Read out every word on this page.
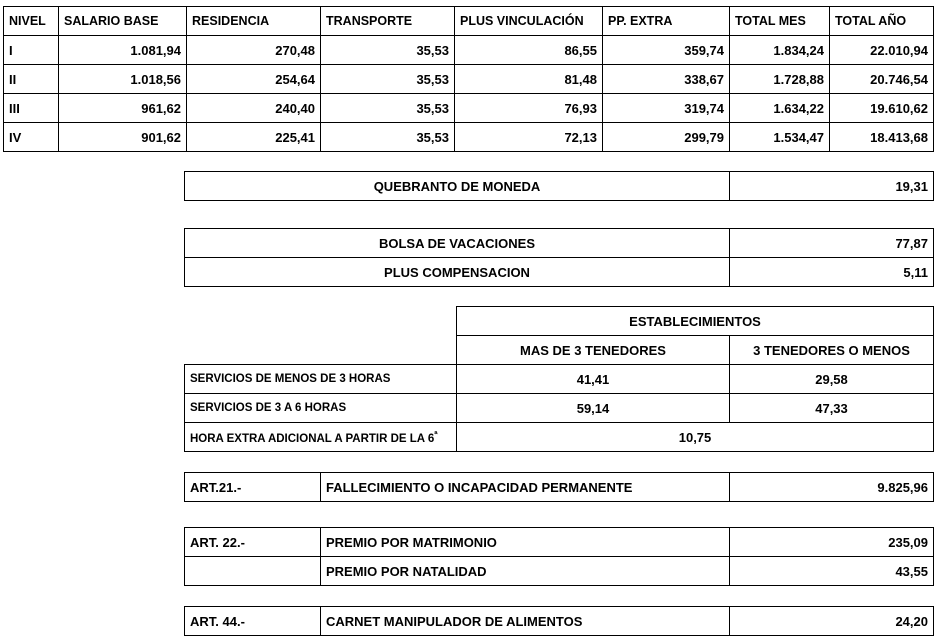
NIVEL	SALARIO BASE	RESIDENCIA	TRANSPORTE	PLUS VINCULACIÓN	PP. EXTRA	TOTAL MES	TOTAL AÑO
I	1.081,94	270,48	35,53	86,55	359,74	1.834,24	22.010,94
II	1.018,56	254,64	35,53	81,48	338,67	1.728,88	20.746,54
III	961,62	240,40	35,53	76,93	319,74	1.634,22	19.610,62
IV	901,62	225,41	35,53	72,13	299,79	1.534,47	18.413,68
QUEBRANTO DE MONEDA	19,31
BOLSA DE VACACIONES	77,87
PLUS COMPENSACION	5,11
	ESTABLECIMIENTOS	
	MAS DE 3 TENEDORES	3 TENEDORES O MENOS
SERVICIOS DE MENOS DE 3 HORAS	41,41	29,58
SERVICIOS DE 3 A 6 HORAS	59,14	47,33
HORA EXTRA ADICIONAL A PARTIR DE LA $6^ª$	10,75	
ART.21.-	FALLECIMIENTO O INCAPACIDAD PERMANENTE	9.825,96
ART. 22.-	PREMIO POR MATRIMONIO	235,09
	PREMIO POR NATALIDAD	43,55
ART. 44.-	CARNET MANIPULADOR DE ALIMENTOS	24,20
